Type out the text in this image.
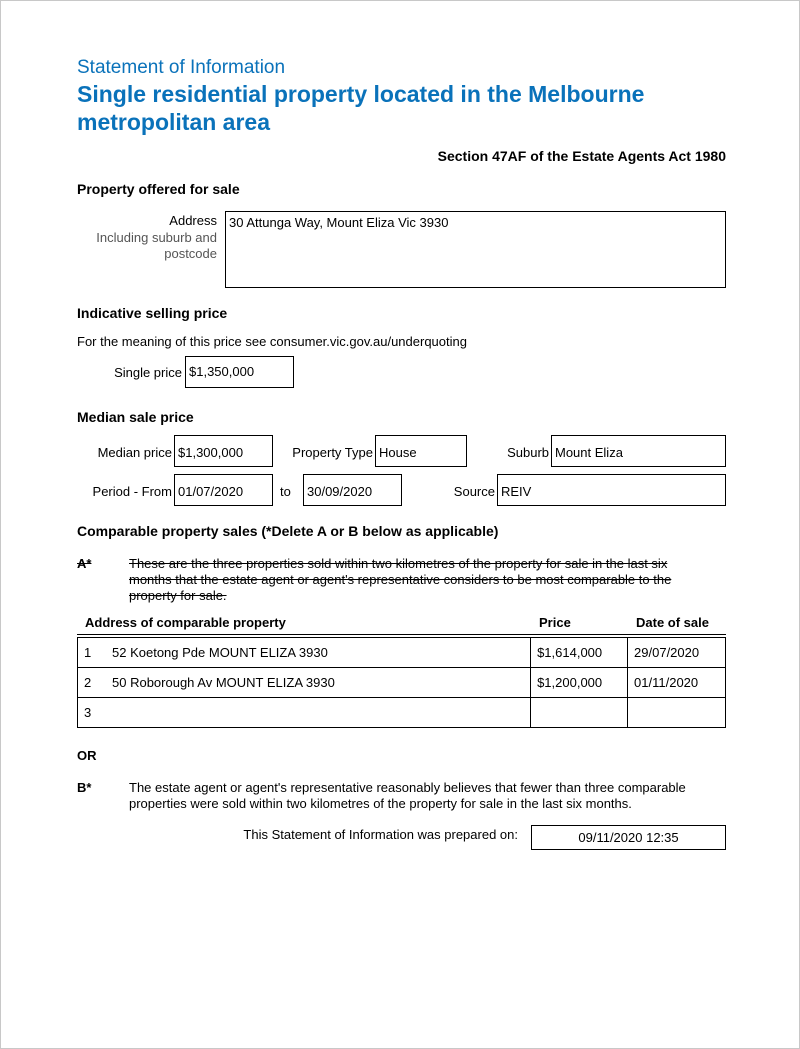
Statement of Information
Single residential property located in the Melbourne metropolitan area
Section 47AF of the Estate Agents Act 1980
Property offered for sale
Address
Including suburb and
postcode
30 Attunga Way, Mount Eliza Vic 3930
Indicative selling price
For the meaning of this price see consumer.vic.gov.au/underquoting
Single price $1,350,000
Median sale price
Median price $1,300,000	Property Type House	Suburb Mount Eliza
Period - From 01/07/2020	to	30/09/2020	Source REIV
Comparable property sales (*Delete A or B below as applicable)
A*	These are the three properties sold within two kilometres of the property for sale in the last six
months that the estate agent or agent's representative considers to be most comparable to the
property for sale.
Address of comparable property	Price	Date of sale
1 52 Koetong Pde MOUNT ELIZA 3930	$1,614,000	29/07/2020
2 50 Roborough Av MOUNT ELIZA 3930	$1,200,000	01/11/2020
3		
OR
B*	The estate agent or agent's representative reasonably believes that fewer than three comparable
properties were sold within two kilometres of the property for sale in the last six months.
This Statement of Information was prepared on:	09/11/2020 12:35
